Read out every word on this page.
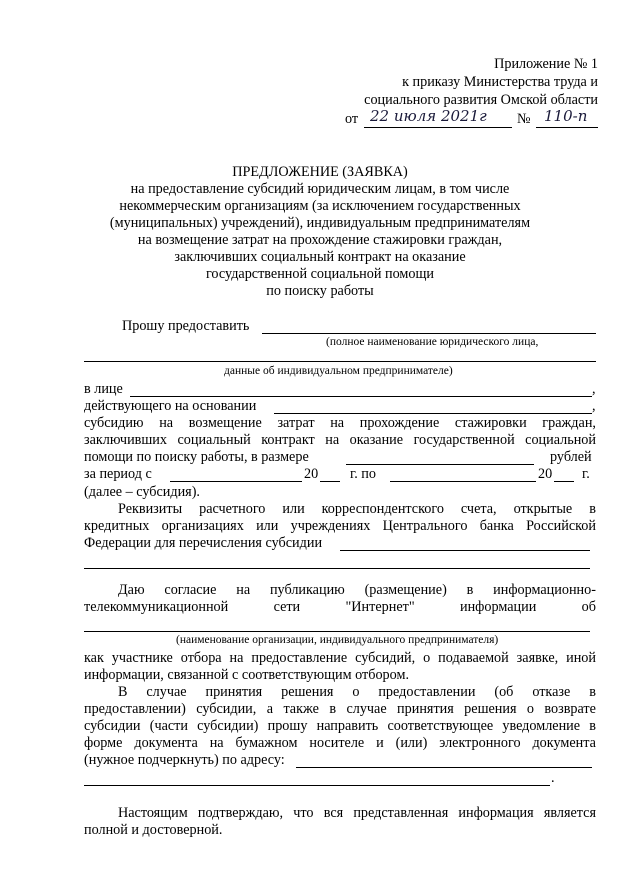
Приложение № 1
к приказу Министерства труда и
социального развития Омской области
от 22 июля 2021г № 110-п
ПРЕДЛОЖЕНИЕ (ЗАЯВКА)
на предоставление субсидий юридическим лицам, в том числе
некоммерческим организациям (за исключением государственных
(муниципальных) учреждений), индивидуальным предпринимателям
на возмещение затрат на прохождение стажировки граждан,
заключивших социальный контракт на оказание
государственной социальной помощи
по поиску работы
Прошу предоставить
(полное наименование юридического лица,
данные об индивидуальном предпринимателе)
в лице	,
действующего на основании	,
субсидию на возмещение затрат на прохождение стажировки граждан,
заключивших социальный контракт на оказание государственной социальной
помощи по поиску работы, в размере	рублей
за период с	20 г. по	20 г.
(далее – субсидия).
Реквизиты расчетного или корреспондентского счета, открытые в
кредитных организациях или учреждениях Центрального банка Российской
Федерации для перечисления субсидии
Даю согласие на публикацию (размещение) в информационно-
телекоммуникационной	сети	"Интернет"	информации	об
(наименование организации, индивидуального предпринимателя)
как участнике отбора на предоставление субсидий, о подаваемой заявке, иной
информации, связанной с соответствующим отбором.
В случае принятия решения о предоставлении (об отказе в
предоставлении) субсидии, а также в случае принятия решения о возврате
субсидии (части субсидии) прошу направить соответствующее уведомление в
форме документа на бумажном носителе и (или) электронного документа
(нужное подчеркнуть) по адресу:
.
Настоящим подтверждаю, что вся представленная информация является
полной и достоверной.
